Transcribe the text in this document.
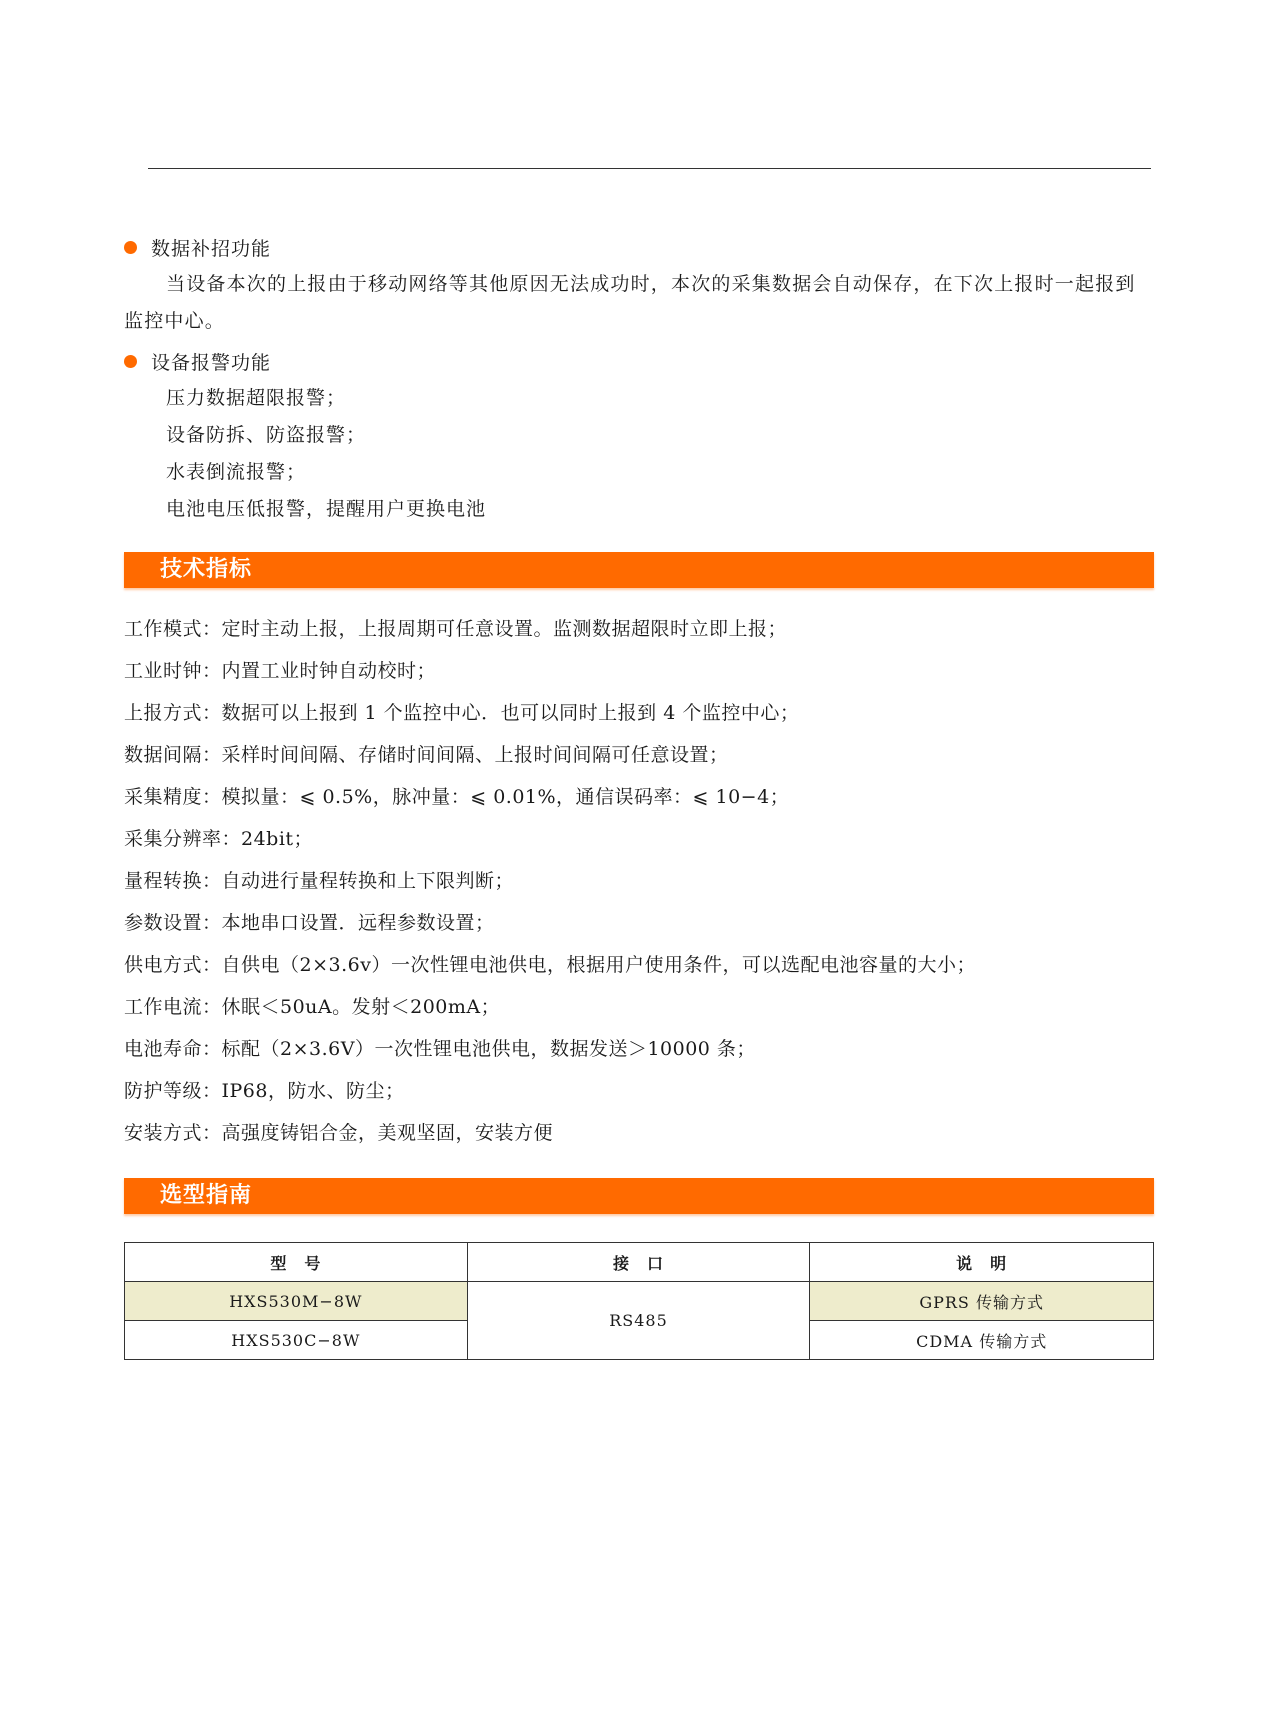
数据补招功能

当设备本次的上报由于移动网络等其他原因无法成功时，本次的采集数据会自动保存，在下次上报时一起报到监控中心。

设备报警功能
压力数据超限报警；
设备防拆、防盗报警；
水表倒流报警；
电池电压低报警，提醒用户更换电池
技术指标
工作模式：定时主动上报，上报周期可任意设置。监测数据超限时立即上报；
工业时钟：内置工业时钟自动校时；
上报方式：数据可以上报到 1 个监控中心．也可以同时上报到 4 个监控中心；
数据间隔：采样时间间隔、存储时间间隔、上报时间间隔可任意设置；
采集精度：模拟量：⩽ 0.5%，脉冲量：⩽ 0.01%，通信误码率：⩽ 10−4；
采集分辨率：24bit；
量程转换：自动进行量程转换和上下限判断；
参数设置：本地串口设置．远程参数设置；
供电方式：自供电（2×3.6v）一次性锂电池供电，根据用户使用条件，可以选配电池容量的大小；
工作电流：休眠＜50uA。发射＜200mA；
电池寿命：标配（2×3.6V）一次性锂电池供电，数据发送＞10000 条；
防护等级：IP68，防水、防尘；
安装方式：高强度铸铝合金，美观坚固，安装方便
选型指南
型　号	接　口	说　明
HXS530M−8W	RS485	GPRS 传输方式
HXS530C−8W		CDMA 传输方式
